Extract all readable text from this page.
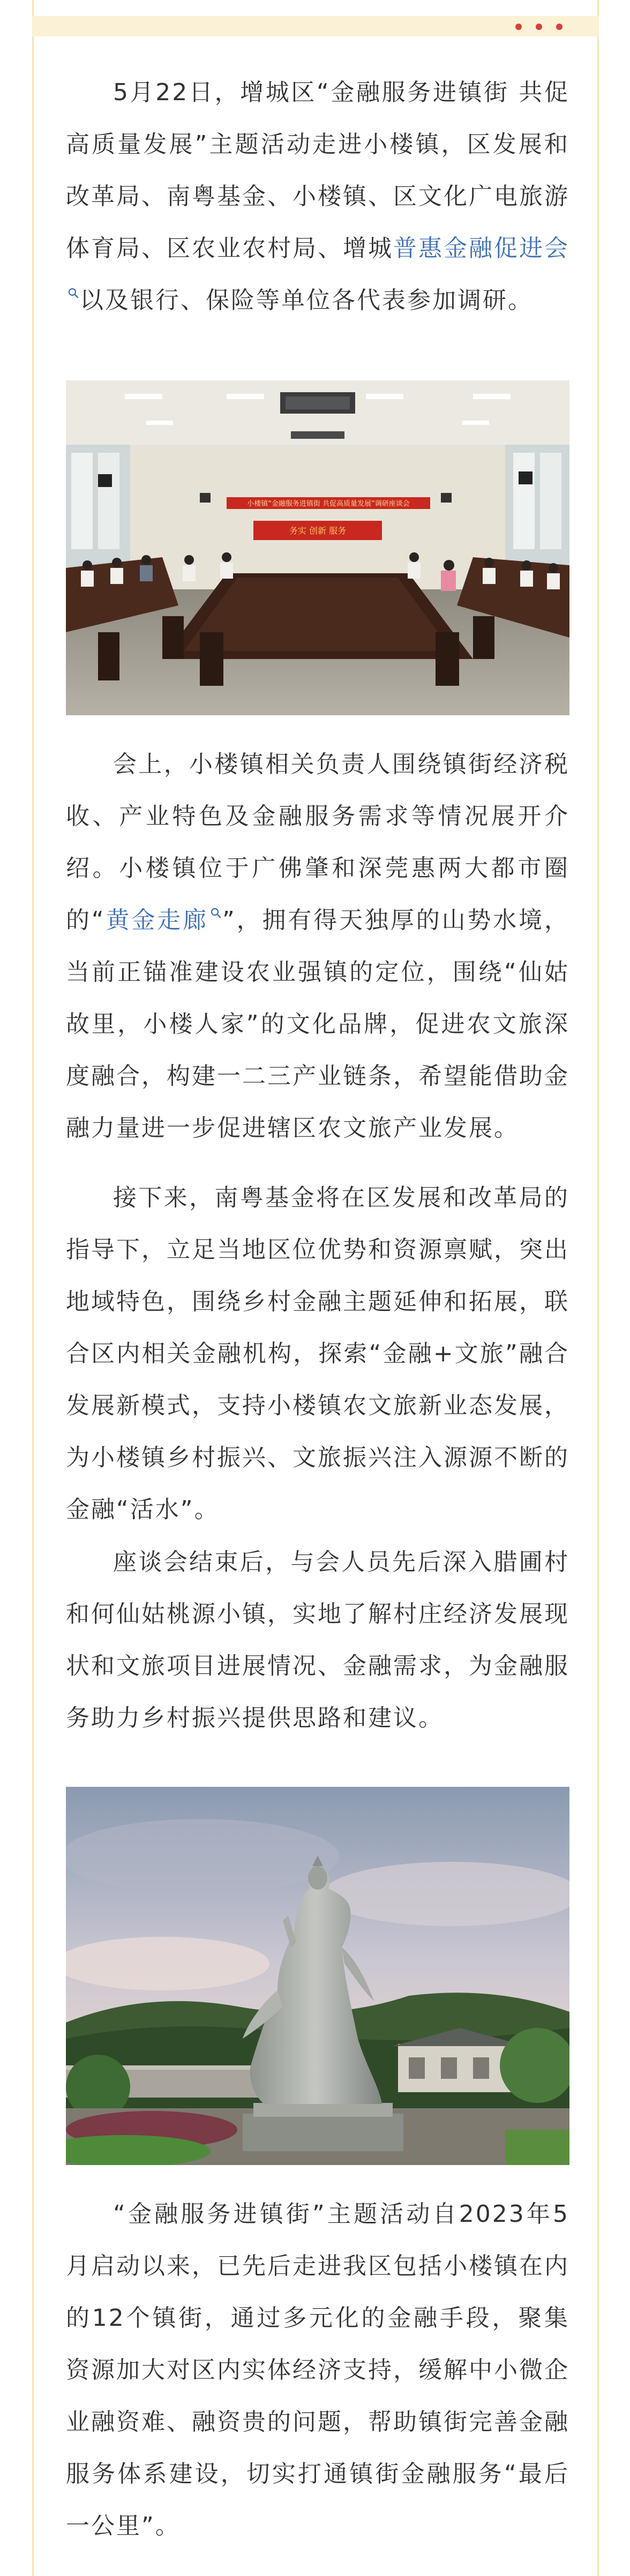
5月22日，增城区“金融服务进镇街 共促高质量发展”主题活动走进小楼镇，区发展和改革局、南粤基金、小楼镇、区文化广电旅游体育局、区农业农村局、增城普惠金融促进会以及银行、保险等单位各代表参加调研。

小楼镇“金融服务进镇街 共促高质量发展”调研座谈会
务实 创新 服务

会上，小楼镇相关负责人围绕镇街经济税收、产业特色及金融服务需求等情况展开介绍。小楼镇位于广佛肇和深莞惠两大都市圈的“黄金走廊 ”，拥有得天独厚的山势水境，当前正锚准建设农业强镇的定位，围绕“仙姑故里，小楼人家”的文化品牌，促进农文旅深度融合，构建一二三产业链条，希望能借助金融力量进一步促进辖区农文旅产业发展。

接下来，南粤基金将在区发展和改革局的指导下，立足当地区位优势和资源禀赋，突出地域特色，围绕乡村金融主题延伸和拓展，联合区内相关金融机构，探索“金融+文旅”融合发展新模式，支持小楼镇农文旅新业态发展，为小楼镇乡村振兴、文旅振兴注入源源不断的金融“活水”。

座谈会结束后，与会人员先后深入腊圃村和何仙姑桃源小镇，实地了解村庄经济发展现状和文旅项目进展情况、金融需求，为金融服务助力乡村振兴提供思路和建议。

“金融服务进镇街”主题活动自2023年5月启动以来，已先后走进我区包括小楼镇在内的12个镇街，通过多元化的金融手段，聚集资源加大对区内实体经济支持，缓解中小微企业融资难、融资贵的问题，帮助镇街完善金融服务体系建设，切实打通镇街金融服务“最后一公里”。
